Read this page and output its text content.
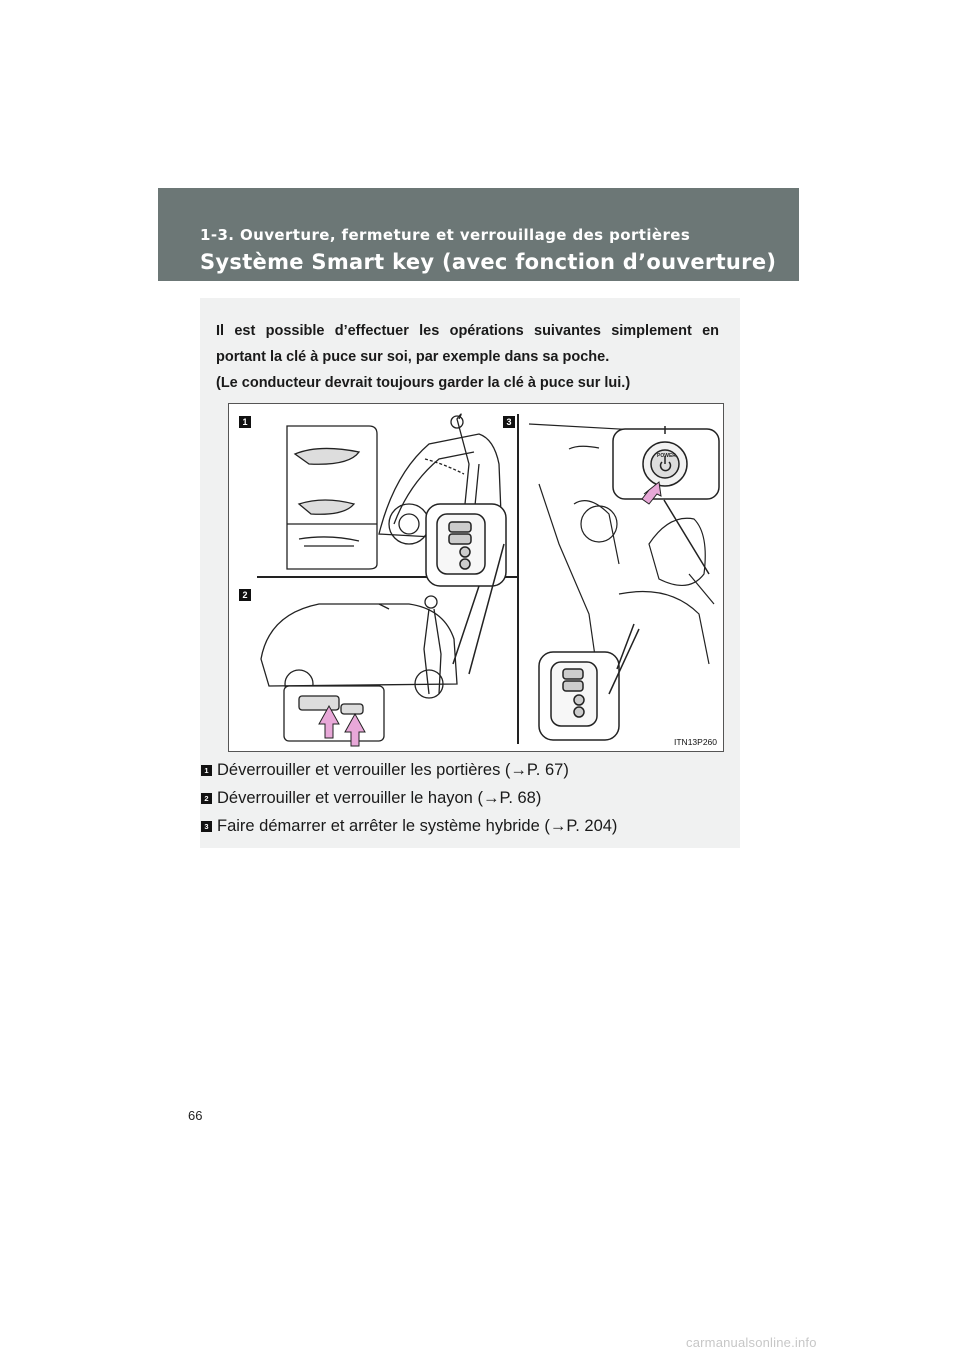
1-3. Ouverture, fermeture et verrouillage des portières
Système Smart key (avec fonction d’ouverture)

Il est possible d’effectuer les opérations suivantes simplement en

portant la clé à puce sur soi, par exemple dans sa poche.

(Le conducteur devrait toujours garder la clé à puce sur lui.)

POWER
1
2
3
ITN13P260
1 Déverrouiller et verrouiller les portières (→P. 67)
2 Déverrouiller et verrouiller le hayon (→P. 68)
3 Faire démarrer et arrêter le système hybride (→P. 204)
66
carmanualsonline.info
